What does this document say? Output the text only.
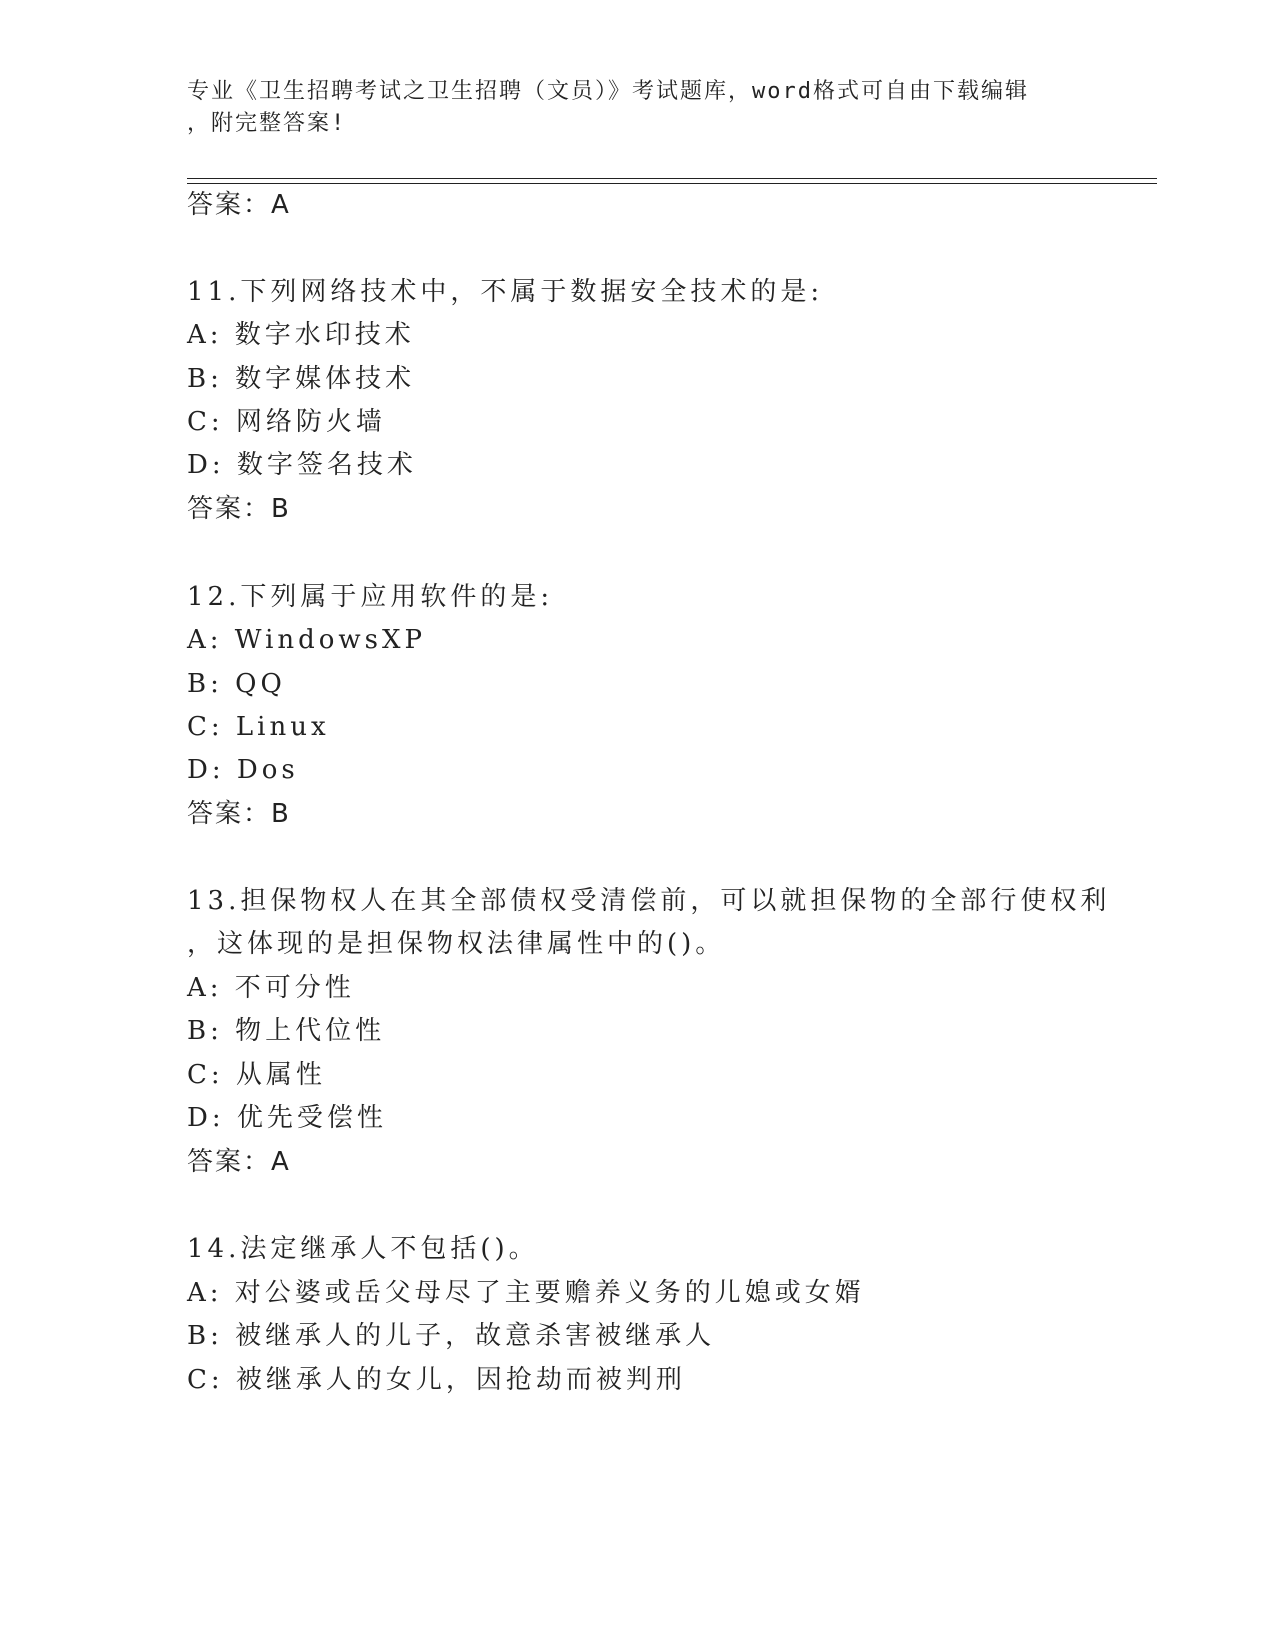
专业《卫生招聘考试之卫生招聘（文员）》考试题库，word格式可自由下载编辑
，附完整答案!
答案：A
11.下列网络技术中，不属于数据安全技术的是:
A: 数字水印技术
B: 数字媒体技术
C: 网络防火墙
D: 数字签名技术
答案：B
12.下列属于应用软件的是:
A: WindowsXP
B: QQ
C: Linux
D: Dos
答案：B
13.担保物权人在其全部债权受清偿前，可以就担保物的全部行使权利
，这体现的是担保物权法律属性中的()。
A: 不可分性
B: 物上代位性
C: 从属性
D: 优先受偿性
答案：A
14.法定继承人不包括()。
A: 对公婆或岳父母尽了主要赡养义务的儿媳或女婿
B: 被继承人的儿子，故意杀害被继承人
C: 被继承人的女儿，因抢劫而被判刑
